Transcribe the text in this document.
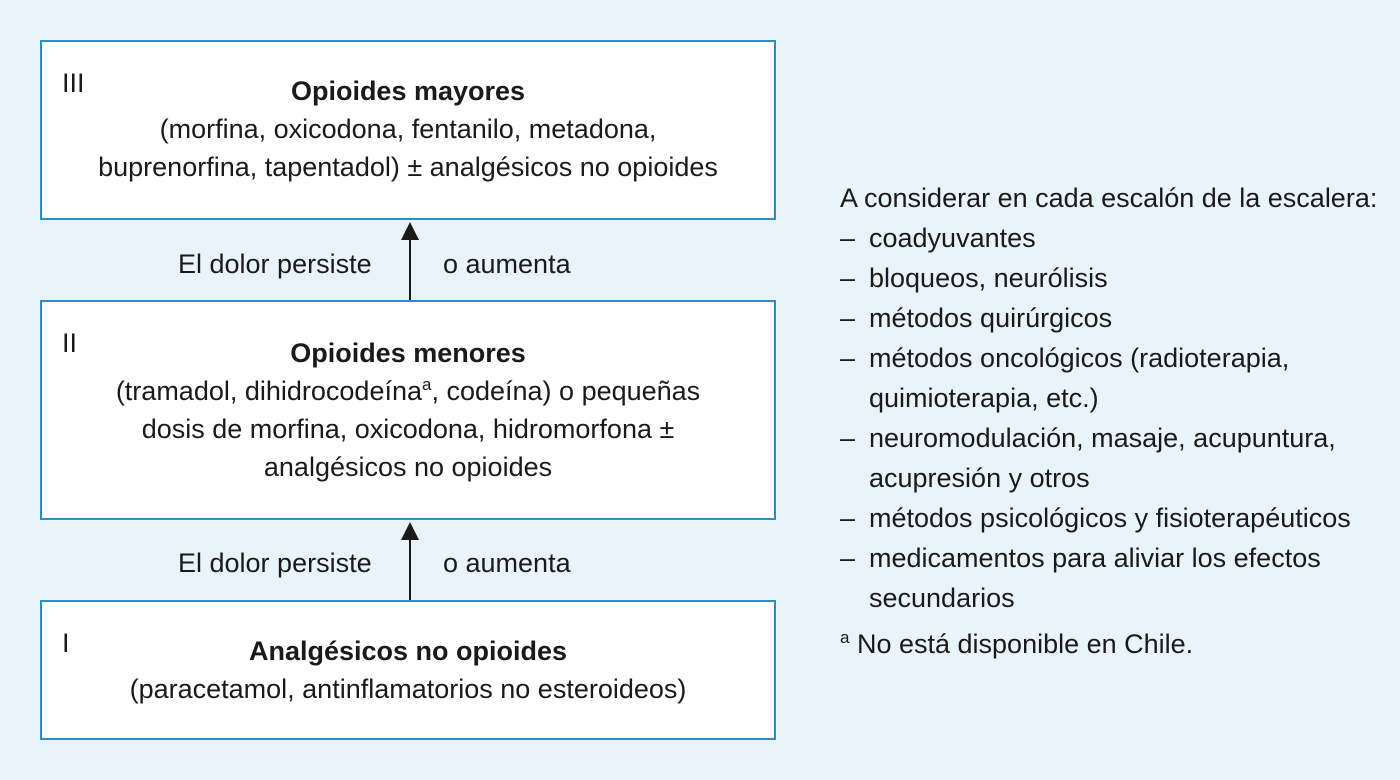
III	Opioides mayores
(morfina, oxicodona, fentanilo, metadona,
buprenorfina, tapentadol) ± analgésicos no opioides
II	Opioides menores
(tramadol, dihidrocodeína$^a$, codeína) o pequeñas
dosis de morfina, oxicodona, hidromorfona ±
analgésicos no opioides
I	Analgésicos no opioides
(paracetamol, antinflamatorios no esteroideos)
El dolor persiste	o aumenta
El dolor persiste	o aumenta
A considerar en cada escalón de la escalera:
– coadyuvantes
– bloqueos, neurólisis
– métodos quirúrgicos
– métodos oncológicos (radioterapia, quimioterapia, etc.)
– neuromodulación, masaje, acupuntura, acupresión y otros
– métodos psicológicos y fisioterapéuticos
– medicamentos para aliviar los efectos secundarios
$^a$ No está disponible en Chile.
